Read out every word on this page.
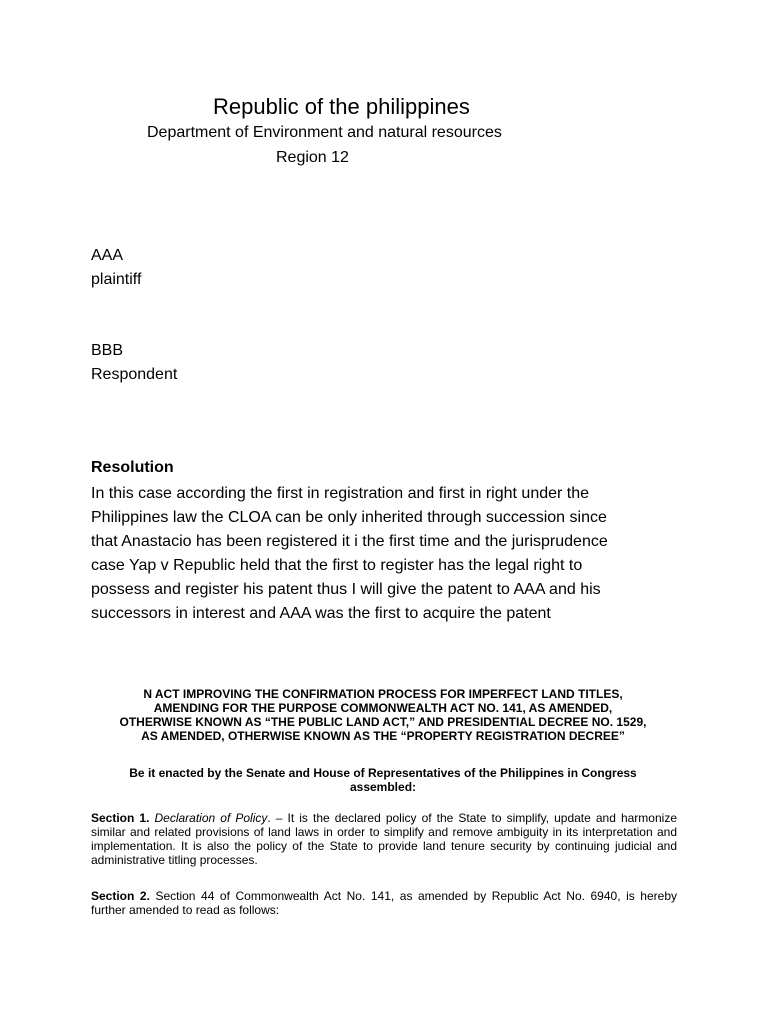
Republic of the philippines

Department of Environment and natural resources

Region 12

AAA
plaintiff
BBB
Respondent

Resolution

In this case according the first in registration and first in right under the
Philippines law the CLOA can be only inherited through succession since
that Anastacio has been registered it i the first time and the jurisprudence
case Yap v Republic held that the first to register has the legal right to
possess and register his patent thus I will give the patent to AAA and his
successors in interest and AAA was the first to acquire the patent

N ACT IMPROVING THE CONFIRMATION PROCESS FOR IMPERFECT LAND TITLES,
AMENDING FOR THE PURPOSE COMMONWEALTH ACT NO. 141, AS AMENDED,
OTHERWISE KNOWN AS “THE PUBLIC LAND ACT,” AND PRESIDENTIAL DECREE NO. 1529,
AS AMENDED, OTHERWISE KNOWN AS THE “PROPERTY REGISTRATION DECREE”

Be it enacted by the Senate and House of Representatives of the Philippines in Congress
assembled:

Section 1. Declaration of Policy. – It is the declared policy of the State to simplify, update and harmonize similar and related provisions of land laws in order to simplify and remove ambiguity in its interpretation and implementation. It is also the policy of the State to provide land tenure security by continuing judicial and administrative titling processes.

Section 2. Section 44 of Commonwealth Act No. 141, as amended by Republic Act No. 6940, is hereby further amended to read as follows:
